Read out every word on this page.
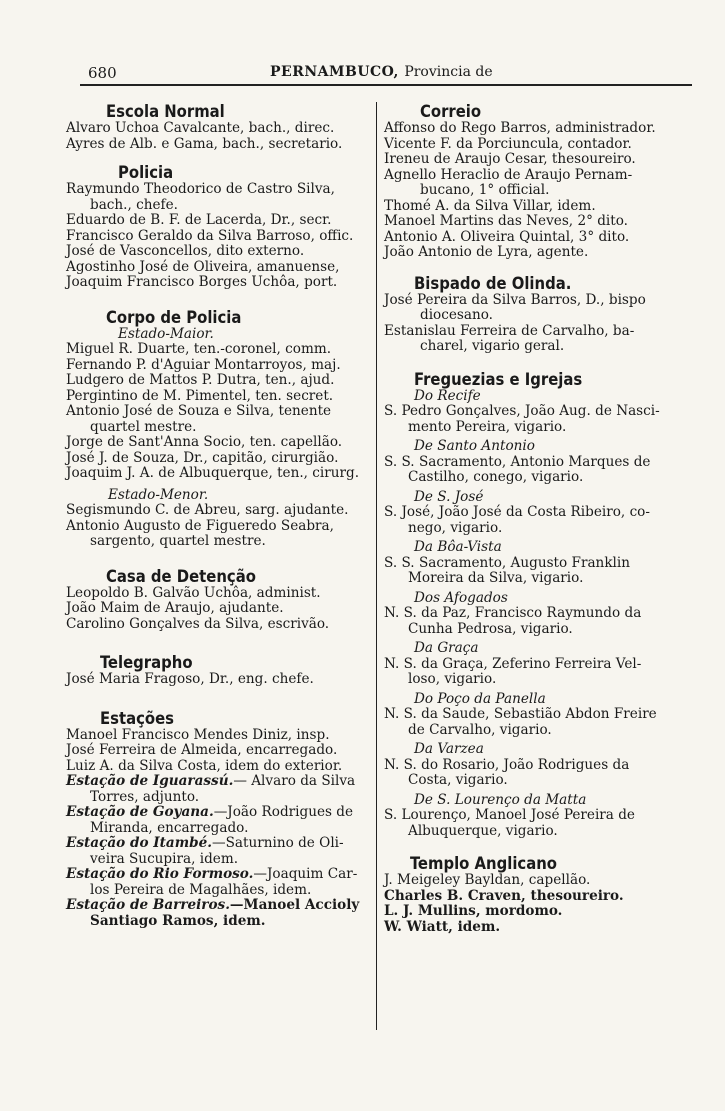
680	PERNAMBUCO, Provincia de
Escola Normal
Alvaro Uchoa Cavalcante, bach., direc.
Ayres de Alb. e Gama, bach., secretario.
Policia
Raymundo Theodorico de Castro Silva,
bach., chefe.
Eduardo de B. F. de Lacerda, Dr., secr.
Francisco Geraldo da Silva Barroso, offic.
José de Vasconcellos, dito externo.
Agostinho José de Oliveira, amanuense,
Joaquim Francisco Borges Uchôa, port.
Corpo de Policia
Estado-Maior.
Miguel R. Duarte, ten.-coronel, comm.
Fernando P. d'Aguiar Montarroyos, maj.
Ludgero de Mattos P. Dutra, ten., ajud.
Pergintino de M. Pimentel, ten. secret.
Antonio José de Souza e Silva, tenente
quartel mestre.
Jorge de Sant'Anna Socio, ten. capellão.
José J. de Souza, Dr., capitão, cirurgião.
Joaquim J. A. de Albuquerque, ten., cirurg.
Estado-Menor.
Segismundo C. de Abreu, sarg. ajudante.
Antonio Augusto de Figueredo Seabra,
sargento, quartel mestre.
Casa de Detenção
Leopoldo B. Galvão Uchôa, administ.
João Maim de Araujo, ajudante.
Carolino Gonçalves da Silva, escrivão.
Telegrapho
José Maria Fragoso, Dr., eng. chefe.
Estações
Manoel Francisco Mendes Diniz, insp.
José Ferreira de Almeida, encarregado.
Luiz A. da Silva Costa, idem do exterior.
Estação de Iguarassú.— Alvaro da Silva
Torres, adjunto.
Estação de Goyana.—João Rodrigues de
Miranda, encarregado.
Estação do Itambé.—Saturnino de Oli-
veira Sucupira, idem.
Estação do Rio Formoso.—Joaquim Car-
los Pereira de Magalhães, idem.
Estação de Barreiros.—Manoel Accioly
Santiago Ramos, idem.
Correio
Affonso do Rego Barros, administrador.
Vicente F. da Porciuncula, contador.
Ireneu de Araujo Cesar, thesoureiro.
Agnello Heraclio de Araujo Pernam-
bucano, 1° official.
Thomé A. da Silva Villar, idem.
Manoel Martins das Neves, 2° dito.
Antonio A. Oliveira Quintal, 3° dito.
João Antonio de Lyra, agente.
Bispado de Olinda.
José Pereira da Silva Barros, D., bispo
diocesano.
Estanislau Ferreira de Carvalho, ba-
charel, vigario geral.
Freguezias e Igrejas
Do Recife
S. Pedro Gonçalves, João Aug. de Nasci-
mento Pereira, vigario.
De Santo Antonio
S. S. Sacramento, Antonio Marques de
Castilho, conego, vigario.
De S. José
S. José, João José da Costa Ribeiro, co-
nego, vigario.
Da Bôa-Vista
S. S. Sacramento, Augusto Franklin
Moreira da Silva, vigario.
Dos Afogados
N. S. da Paz, Francisco Raymundo da
Cunha Pedrosa, vigario.
Da Graça
N. S. da Graça, Zeferino Ferreira Vel-
loso, vigario.
Do Poço da Panella
N. S. da Saude, Sebastião Abdon Freire
de Carvalho, vigario.
Da Varzea
N. S. do Rosario, João Rodrigues da
Costa, vigario.
De S. Lourenço da Matta
S. Lourenço, Manoel José Pereira de
Albuquerque, vigario.
Templo Anglicano
J. Meigeley Bayldan, capellão.
Charles B. Craven, thesoureiro.
L. J. Mullins, mordomo.
W. Wiatt, idem.
